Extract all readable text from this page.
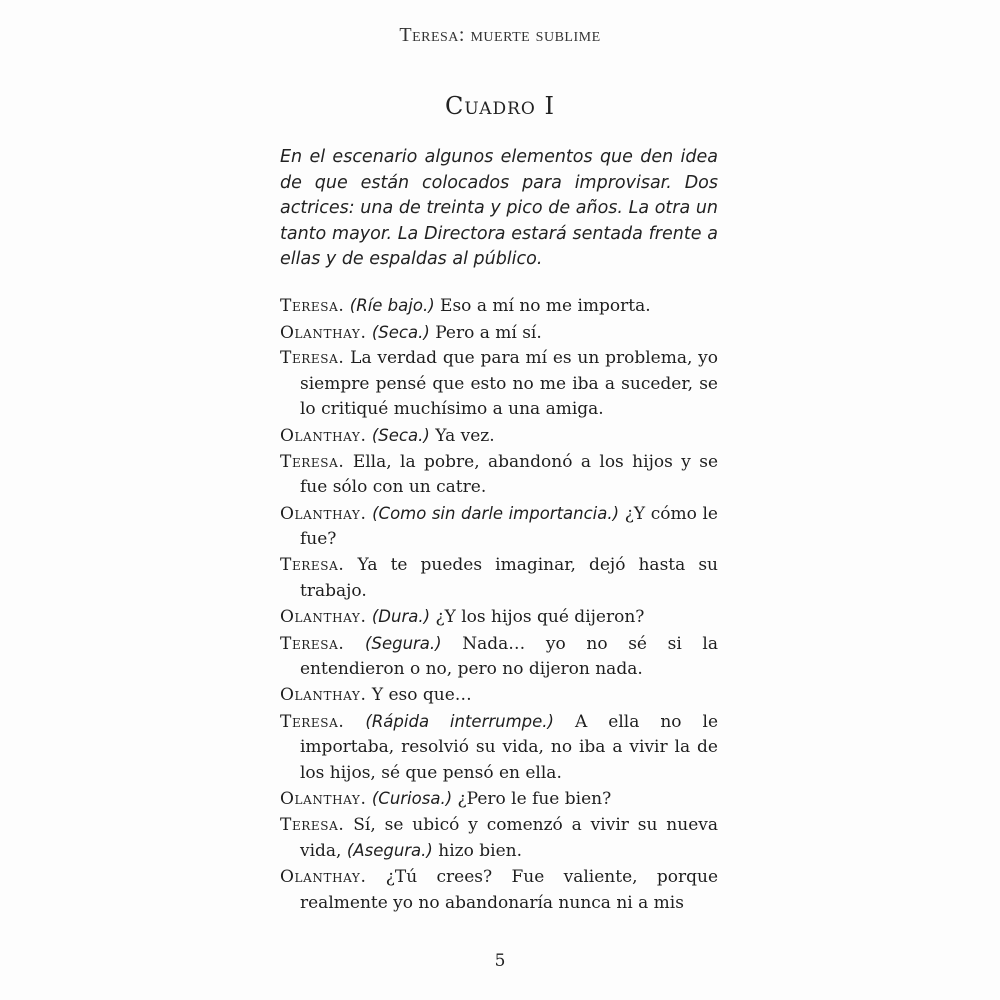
Teresa: muerte sublime
Cuadro I
En el escenario algunos elementos que den idea de que están colocados para improvisar. Dos actrices: una de treinta y pico de años. La otra un tanto mayor. La Directora estará sentada frente a ellas y de espaldas al público.

Teresa. (Ríe bajo.) Eso a mí no me importa.

Olanthay. (Seca.) Pero a mí sí.

Teresa. La verdad que para mí es un problema, yo siempre pensé que esto no me iba a suceder, se lo critiqué muchísimo a una amiga.

Olanthay. (Seca.) Ya vez.

Teresa. Ella, la pobre, abandonó a los hijos y se fue sólo con un catre.

Olanthay. (Como sin darle importancia.) ¿Y cómo le fue?

Teresa. Ya te puedes imaginar, dejó hasta su trabajo.

Olanthay. (Dura.) ¿Y los hijos qué dijeron?

Teresa. (Segura.) Nada… yo no sé si la entendieron o no, pero no dijeron nada.

Olanthay. Y eso que…

Teresa. (Rápida interrumpe.) A ella no le importaba, resolvió su vida, no iba a vivir la de los hijos, sé que pensó en ella.

Olanthay. (Curiosa.) ¿Pero le fue bien?

Teresa. Sí, se ubicó y comenzó a vivir su nueva vida, (Asegura.) hizo bien.

Olanthay. ¿Tú crees? Fue valiente, porque realmente yo no abandonaría nunca ni a mis

5
